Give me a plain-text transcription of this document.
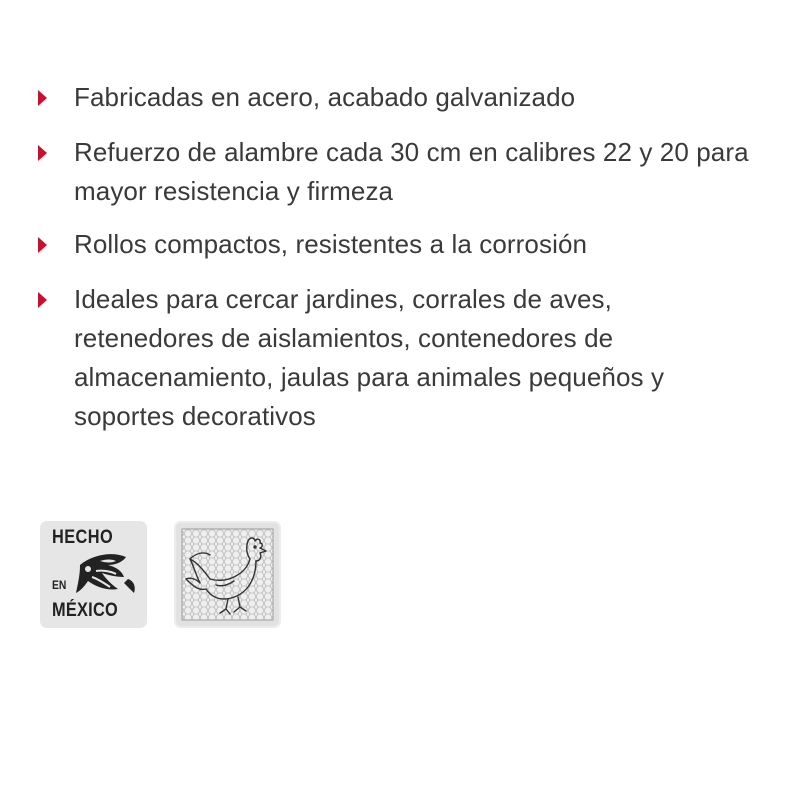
Fabricadas en acero, acabado galvanizado
Refuerzo de alambre cada 30 cm en calibres 22 y 20 para mayor resistencia y firmeza
Rollos compactos, resistentes a la corrosión
Ideales para cercar jardines, corrales de aves, retenedores de aislamientos, contenedores de almacenamiento, jaulas para animales pequeños y soportes decorativos
HECHO
EN
MÉXICO
